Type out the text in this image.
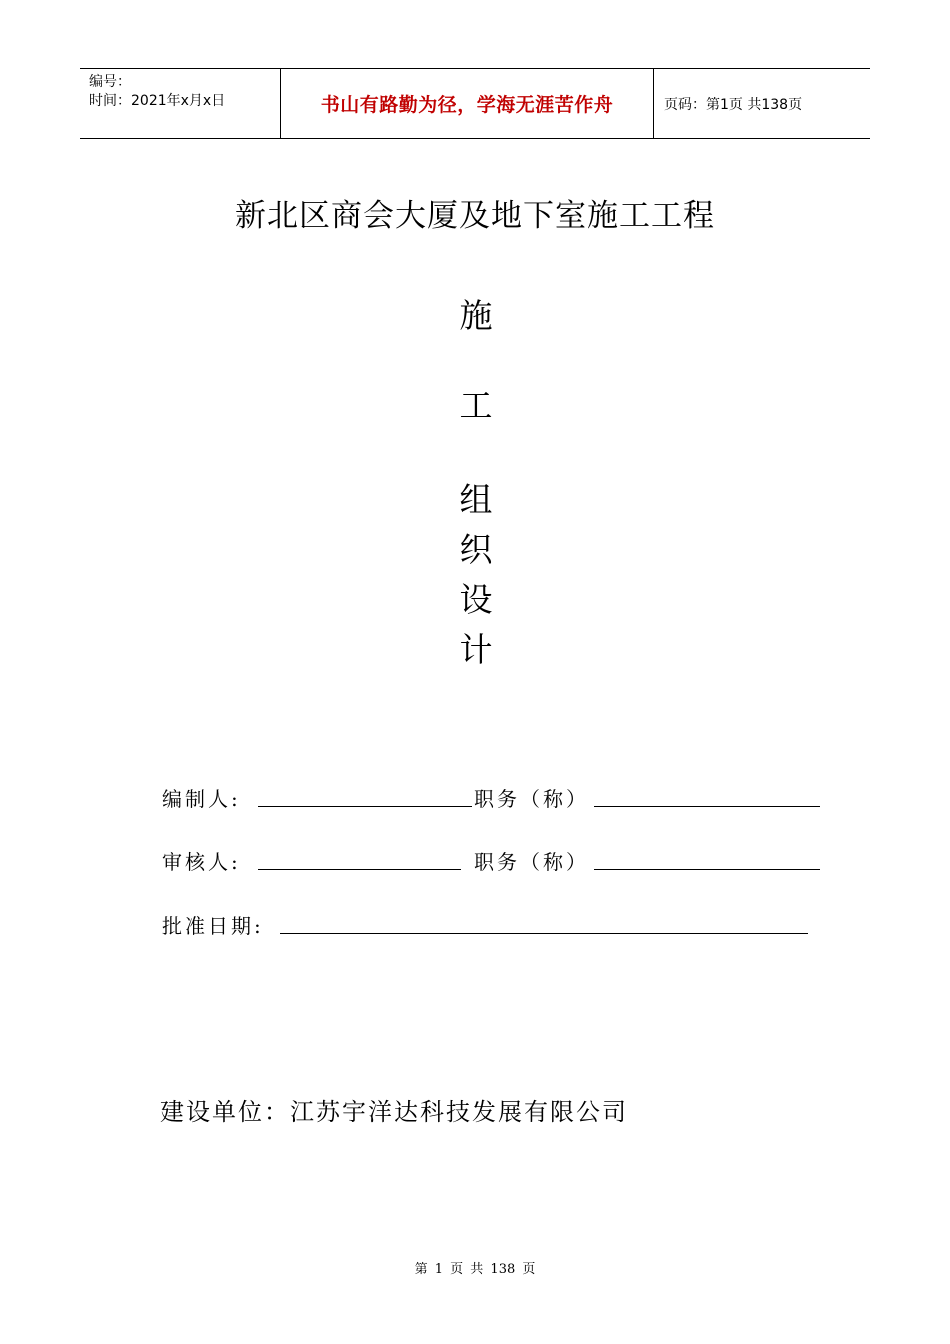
编号：
时间：2021年x月x日	书山有路勤为径，学海无涯苦作舟	页码：第1页 共138页
新北区商会大厦及地下室施工工程
施
工
组
织
设
计
编制人:	职务（称）
审核人:	职务（称）
批准日期:
建设单位：江苏宇洋达科技发展有限公司
第 1 页 共 138 页
